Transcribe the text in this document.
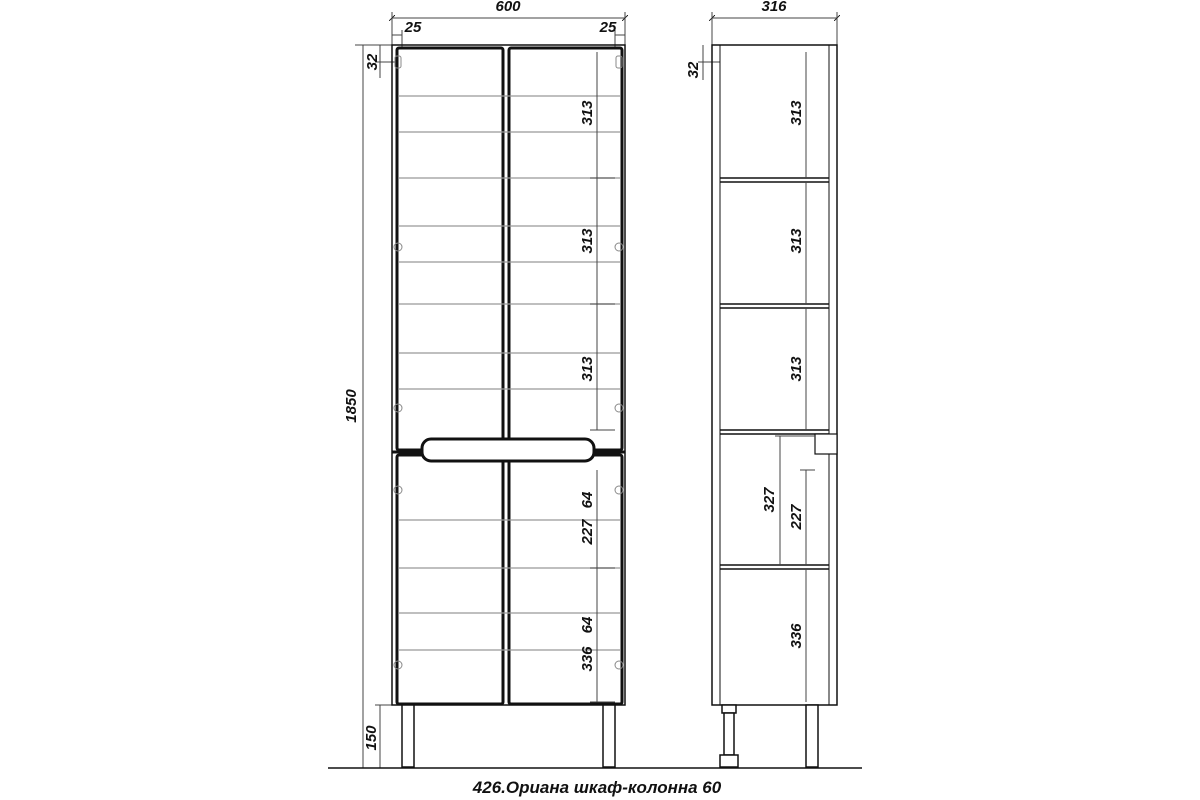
600
25	25
1850
32
150
313
313
313
227
64
336
64
316
32
313
313
313
327
227
336
426.Ориана шкаф-колонна 60
